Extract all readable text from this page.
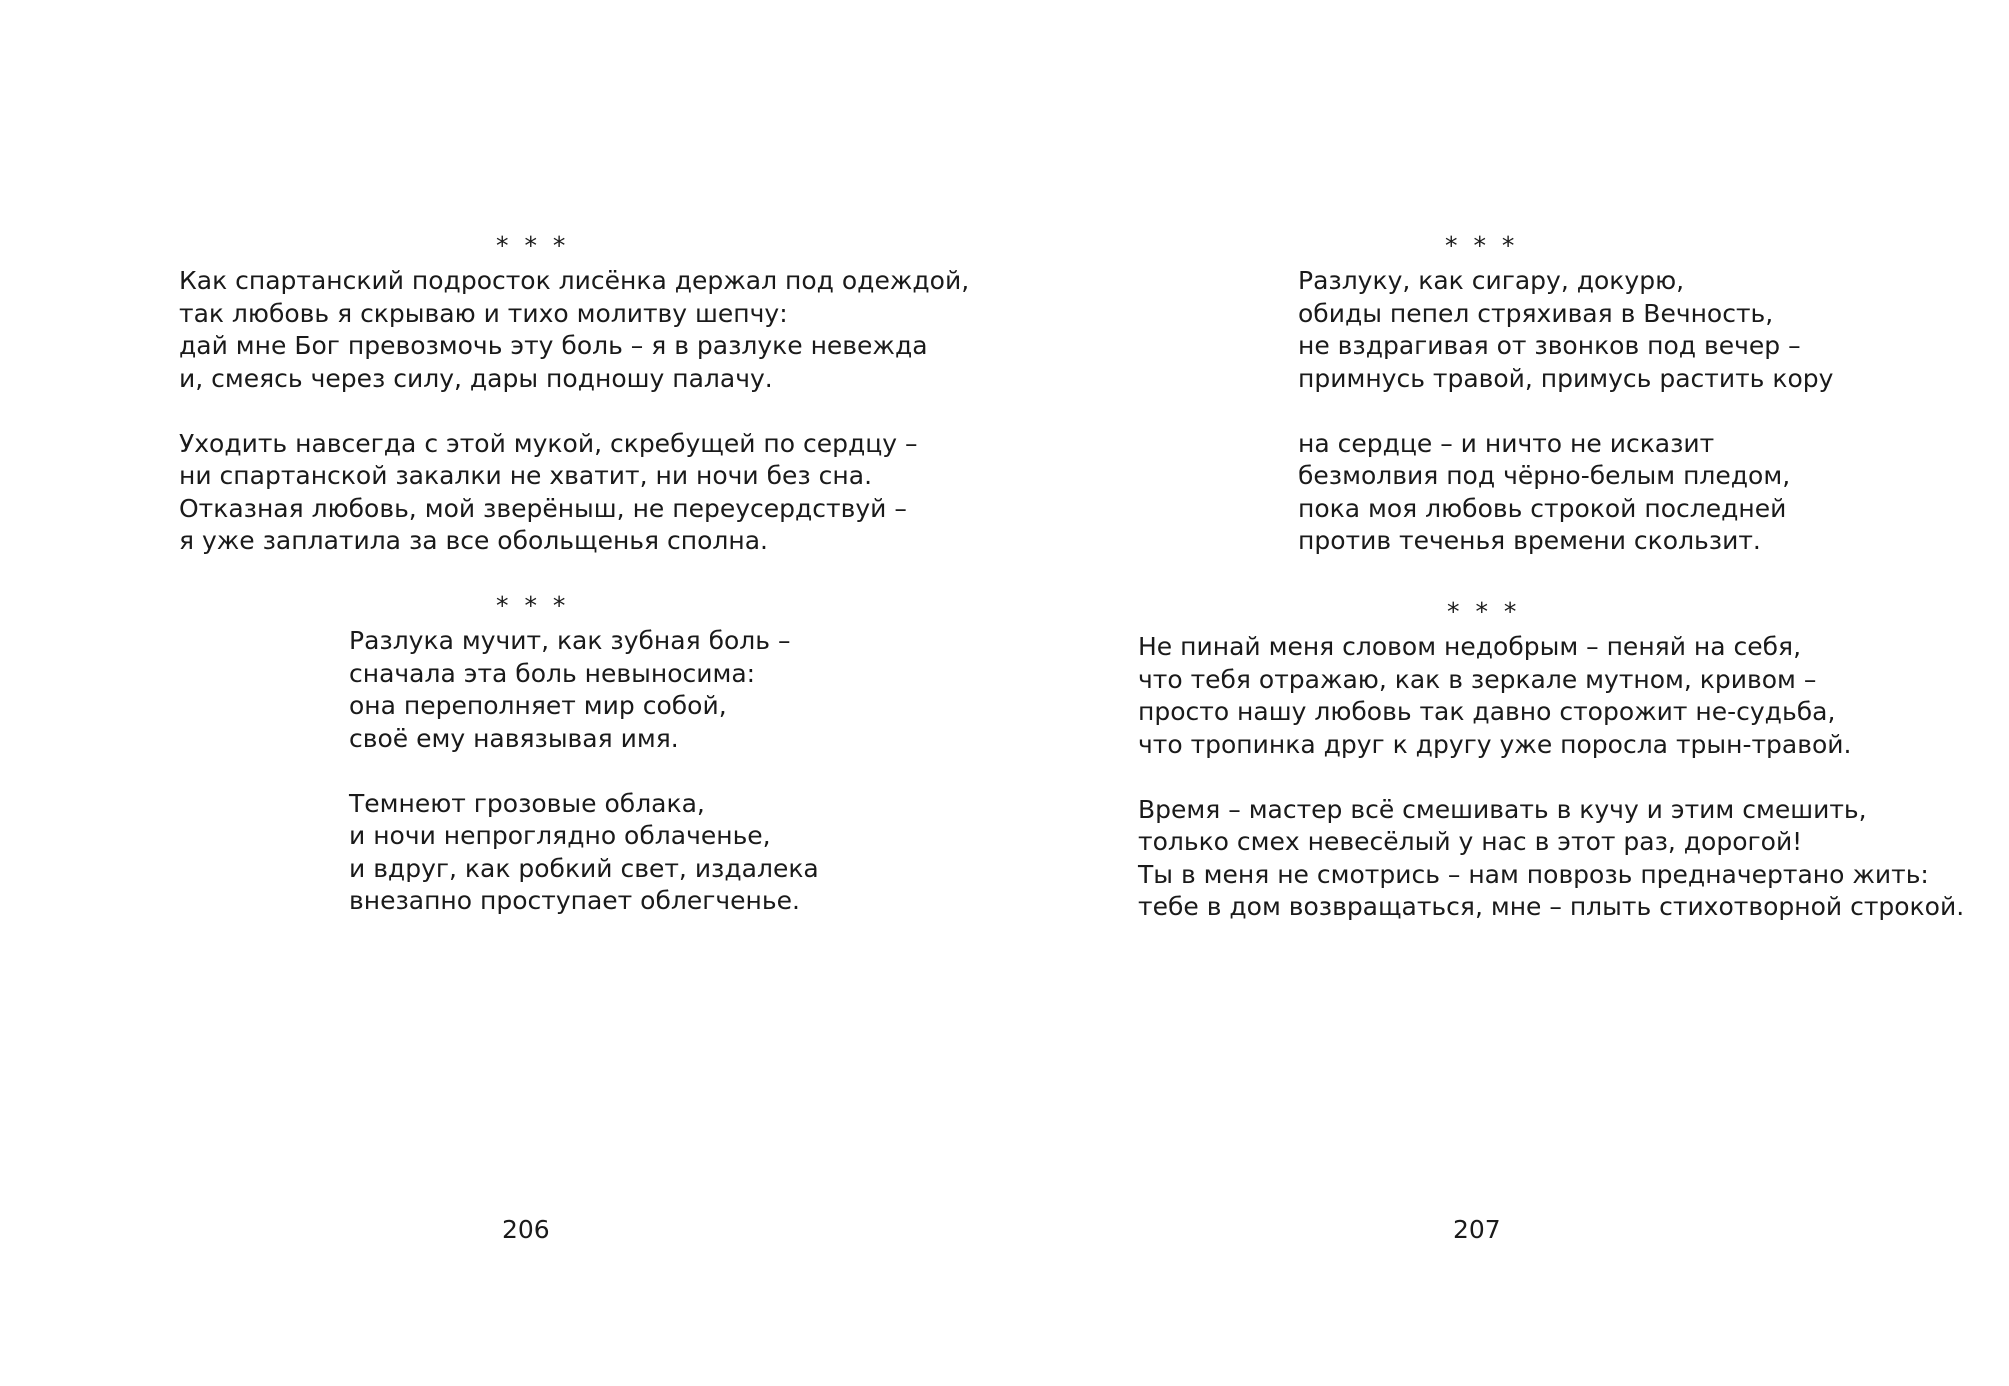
* * *
Как спартанский подросток лисёнка держал под одеждой,
так любовь я скрываю и тихо молитву шепчу:
дай мне Бог превозмочь эту боль – я в разлуке невежда
и, смеясь через силу, дары подношу палачу.
Уходить навсегда с этой мукой, скребущей по сердцу –
ни спартанской закалки не хватит, ни ночи без сна.
Отказная любовь, мой зверёныш, не переусердствуй –
я уже заплатила за все обольщенья сполна.
* * *
Разлука мучит, как зубная боль –
сначала эта боль невыносима:
она переполняет мир собой,
своё ему навязывая имя.
Темнеют грозовые облака,
и ночи непроглядно облаченье,
и вдруг, как робкий свет, издалека
внезапно проступает облегченье.
206
* * *
Разлуку, как сигару, докурю,
обиды пепел стряхивая в Вечность,
не вздрагивая от звонков под вечер –
примнусь травой, примусь растить кору
на сердце – и ничто не исказит
безмолвия под чёрно-белым пледом,
пока моя любовь строкой последней
против теченья времени скользит.
* * *
Не пинай меня словом недобрым – пеняй на себя,
что тебя отражаю, как в зеркале мутном, кривом –
просто нашу любовь так давно сторожит не-судьба,
что тропинка друг к другу уже поросла трын-травой.
Время – мастер всё смешивать в кучу и этим смешить,
только смех невесёлый у нас в этот раз, дорогой!
Ты в меня не смотрись – нам поврозь предначертано жить:
тебе в дом возвращаться, мне – плыть стихотворной строкой.
207
